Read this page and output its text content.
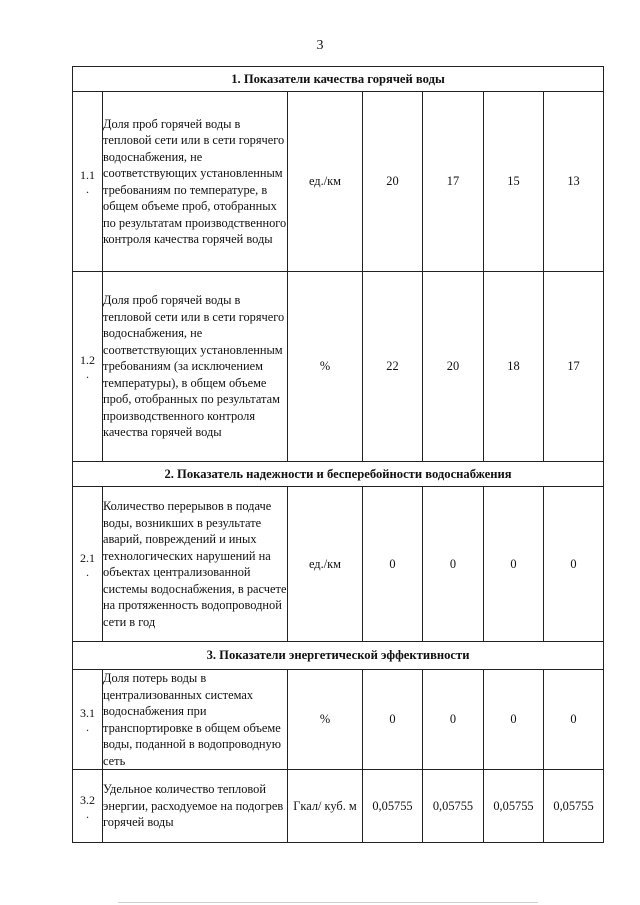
3
1. Показатели качества горячей воды						

1.1
.	Доля проб горячей воды в тепловой сети или в сети горячего водоснабжения, не соответствующих установленным требованиям по температуре, в общем объеме проб, отобранных по результатам производственного контроля качества горячей воды	ед./км	20	17	15	13

1.2
.	Доля проб горячей воды в тепловой сети или в сети горячего водоснабжения, не соответствующих установленным требованиям (за исключением температуры), в общем объеме проб, отобранных по результатам производственного контроля качества горячей воды	%	22	20	18	17
2. Показатель надежности и бесперебойности водоснабжения						

2.1
.	Количество перерывов в подаче воды, возникших в результате аварий, повреждений и иных технологических нарушений на объектах централизованной системы водоснабжения, в расчете на протяженность водопроводной сети в год	ед./км	0	0	0	0
3. Показатели энергетической эффективности						

3.1
.	Доля потерь воды в централизованных системах водоснабжения при транспортировке в общем объеме воды, поданной в водопроводную сеть	%	0	0	0	0

3.2
.	Удельное количество тепловой энергии, расходуемое на подогрев горячей воды	Гкал/ куб. м	0,05755	0,05755	0,05755	0,05755
